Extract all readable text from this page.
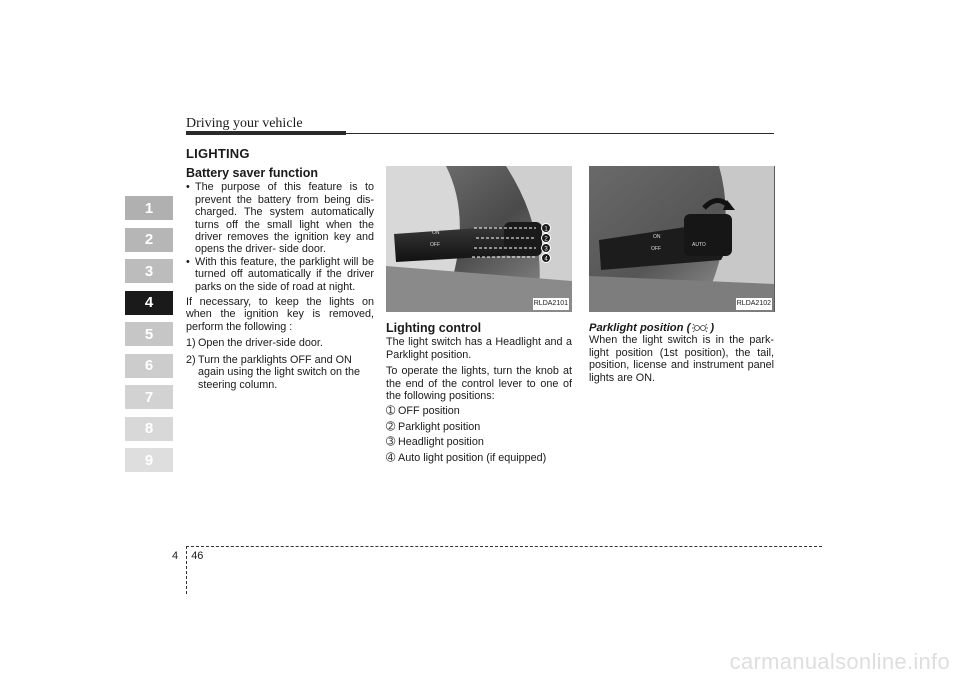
Driving your vehicle
LIGHTING
1
2
3
4
5
6
7
8
9
Battery saver function
• The purpose of this feature is to prevent the battery from being dis-charged. The system automatically turns off the small light when the driver removes the ignition key and opens the driver- side door.
• With this feature, the parklight will be turned off automatically if the driver parks on the side of road at night.
If necessary, to keep the lights on when the ignition key is removed, perform the following :
1) Open the driver-side door.
2) Turn the parklights OFF and ON again using the light switch on the steering column.
ON
OFF
1
2
3
4
RLDA2101
Lighting control
The light switch has a Headlight and a Parklight position.
To operate the lights, turn the knob at the end of the control lever to one of the following positions:
➀ OFF position
➁ Parklight position
➂ Headlight position
➃ Auto light position (if equipped)
ON
OFF
AUTO
RLDA2102
Parklight position ( )
When the light switch is in the park-light position (1st position), the tail, position, license and instrument panel lights are ON.
4 46
carmanualsonline.info
